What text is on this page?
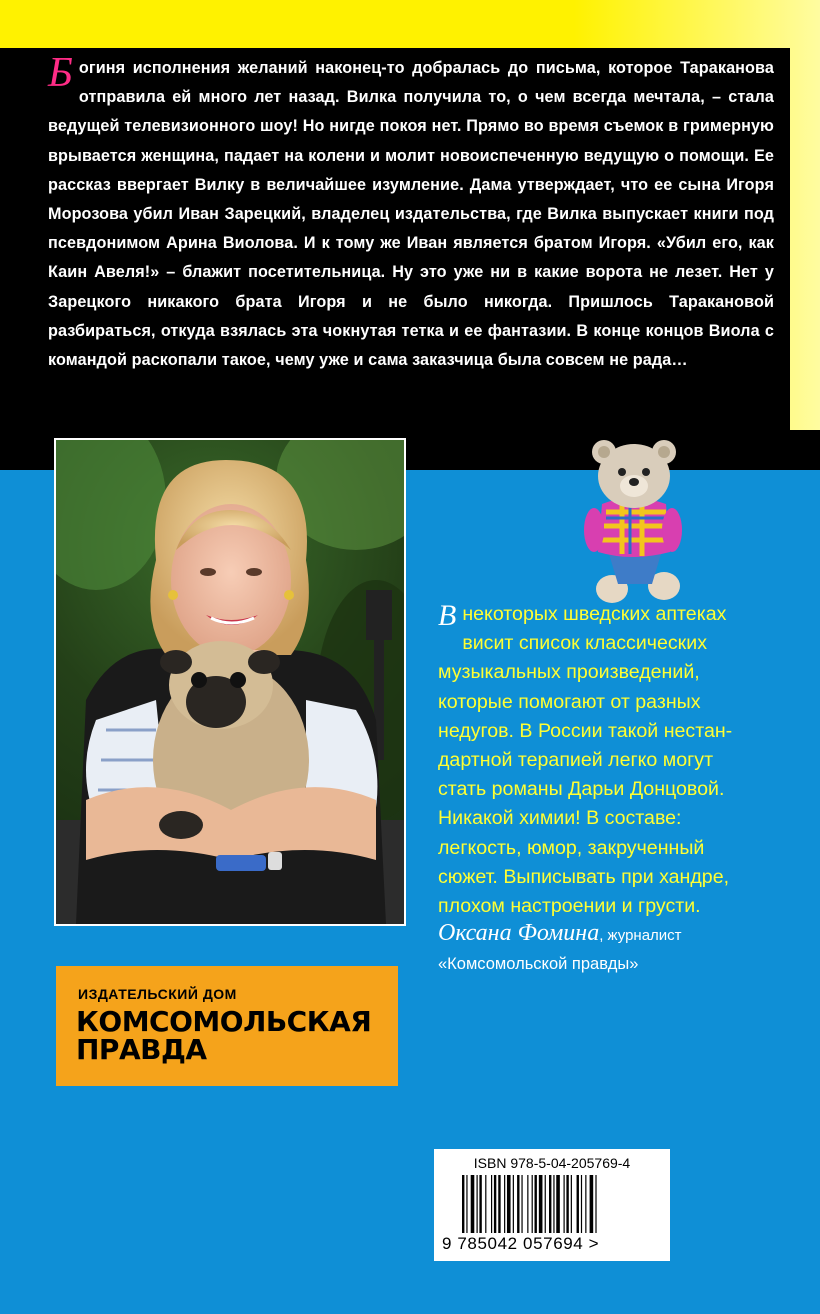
Богиня исполнения желаний наконец-то добралась до письма, которое Тараканова отправила ей много лет назад. Вилка получила то, о чем всегда мечтала, – стала ведущей телевизионного шоу! Но нигде покоя нет. Прямо во время съемок в гримерную врывается женщина, падает на колени и молит новоиспеченную ведущую о помощи. Ее рассказ ввергает Вилку в величайшее изумление. Дама утверждает, что ее сына Игоря Морозова убил Иван Зарецкий, владелец издательства, где Вилка выпускает книги под псевдонимом Арина Виолова. И к тому же Иван является братом Игоря. «Убил его, как Каин Авеля!» – блажит посетительница. Ну это уже ни в какие ворота не лезет. Нет у Зарецкого никакого брата Игоря и не было никогда. Пришлось Таракановой разбираться, откуда взялась эта чокнутая тетка и ее фантазии. В конце концов Виола с командой раскопали такое, чему уже и сама заказчица была совсем не рада…
В некоторых шведских аптеках
висит список классических
музыкальных произведений,
которые помогают от разных
недугов. В России такой нестан-
дартной терапией легко могут
стать романы Дарьи Донцовой.
Никакой химии! В составе:
легкость, юмор, закрученный
сюжет. Выписывать при хандре,
плохом настроении и грусти.
Оксана Фомина, журналист
«Комсомольской правды»
ИЗДАТЕЛЬСКИЙ ДОМ
КОМСОМОЛЬСКАЯ
ПРАВДА
ISBN 978-5-04-205769-4
9 785042 057694 >
